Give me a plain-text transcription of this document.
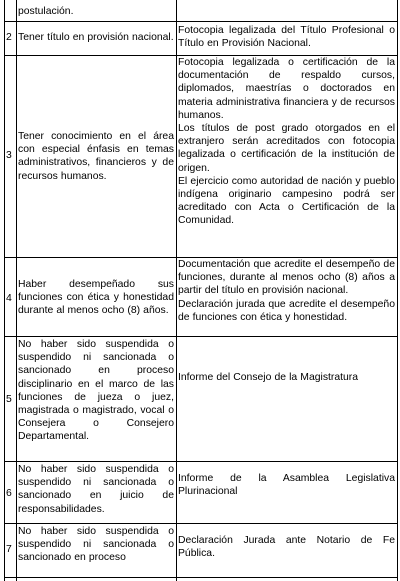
postulación.
2 Tener título en provisión nacional.

Fotocopia legalizada del Título Profesional o Título en Provisión Nacional.

3
Tener conocimiento en el área con especial énfasis en temas administrativos, financieros y de recursos humanos.

Fotocopia legalizada o certificación de la documentación de respaldo cursos, diplomados, maestrías o doctorados en materia administrativa financiera y de recursos humanos.

Los títulos de post grado otorgados en el extranjero serán acreditados con fotocopia legalizada o certificación de la institución de origen.

El ejercicio como autoridad de nación y pueblo indígena originario campesino podrá ser acreditado con Acta o Certificación de la Comunidad.

4
Haber desempeñado sus funciones con ética y honestidad durante al menos ocho (8) años.

Documentación que acredite el desempeño de funciones, durante al menos ocho (8) años a partir del título en provisión nacional.

Declaración jurada que acredite el desempeño de funciones con ética y honestidad.

5
No haber sido suspendida o suspendido ni sancionada o sancionado en proceso disciplinario en el marco de las funciones de jueza o juez, magistrada o magistrado, vocal o Consejera o Consejero Departamental.

Informe del Consejo de la Magistratura

6
No haber sido suspendida o suspendido ni sancionada o sancionado en juicio de responsabilidades.

Informe de la Asamblea Legislativa Plurinacional

7
No haber sido suspendida o suspendido ni sancionada o sancionado en proceso

Declaración Jurada ante Notario de Fe Pública.
